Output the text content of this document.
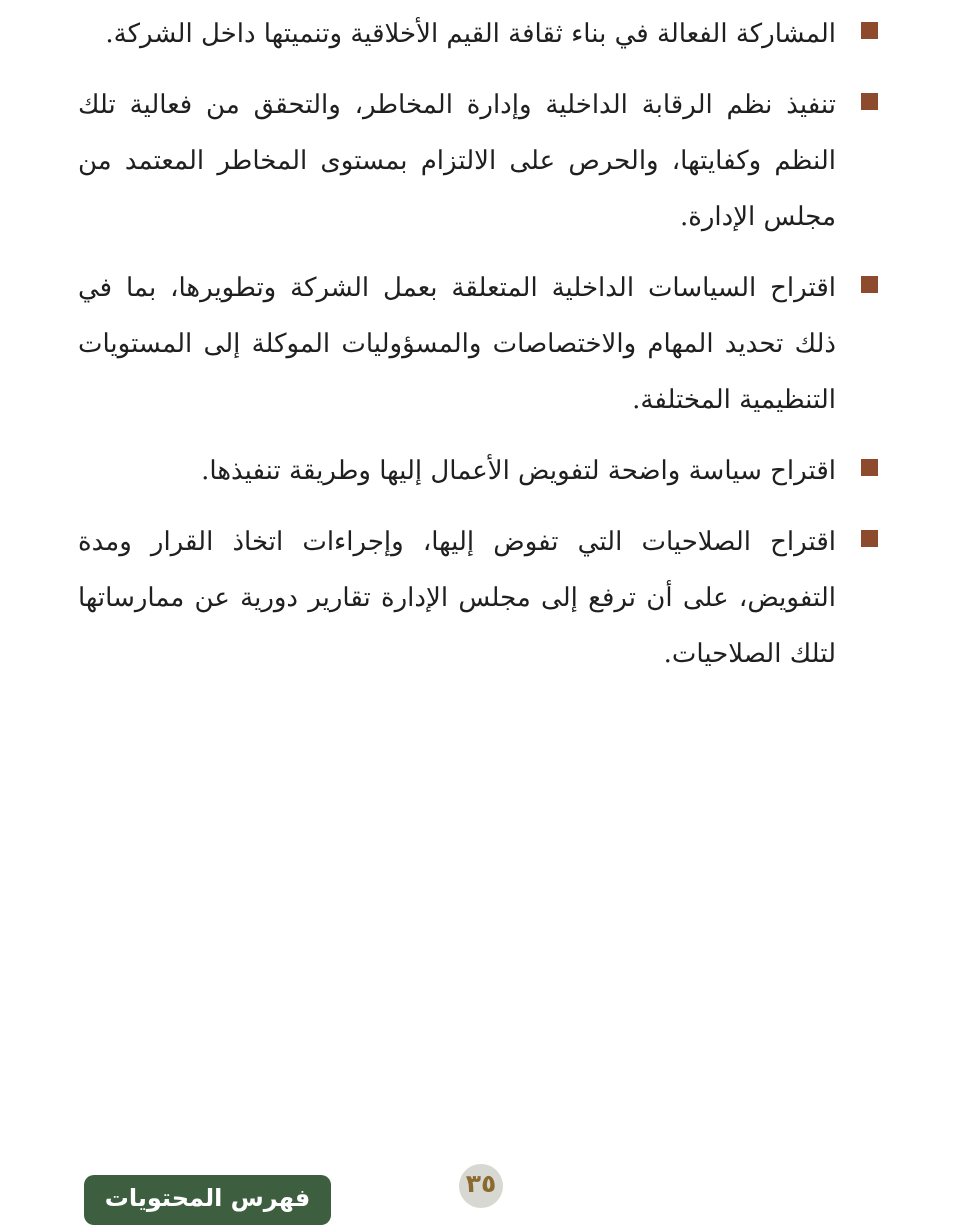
المشاركة الفعالة في بناء ثقافة القيم الأخلاقية وتنميتها داخل الشركة.
تنفيذ نظم الرقابة الداخلية وإدارة المخاطر، والتحقق من فعالية تلك النظم وكفايتها، والحرص على الالتزام بمستوى المخاطر المعتمد من مجلس الإدارة.
اقتراح السياسات الداخلية المتعلقة بعمل الشركة وتطويرها، بما في ذلك تحديد المهام والاختصاصات والمسؤوليات الموكلة إلى المستويات التنظيمية المختلفة.
اقتراح سياسة واضحة لتفويض الأعمال إليها وطريقة تنفيذها.
اقتراح الصلاحيات التي تفوض إليها، وإجراءات اتخاذ القرار ومدة التفويض، على أن ترفع إلى مجلس الإدارة تقارير دورية عن ممارساتها لتلك الصلاحيات.
٣٥
فهرس المحتويات
